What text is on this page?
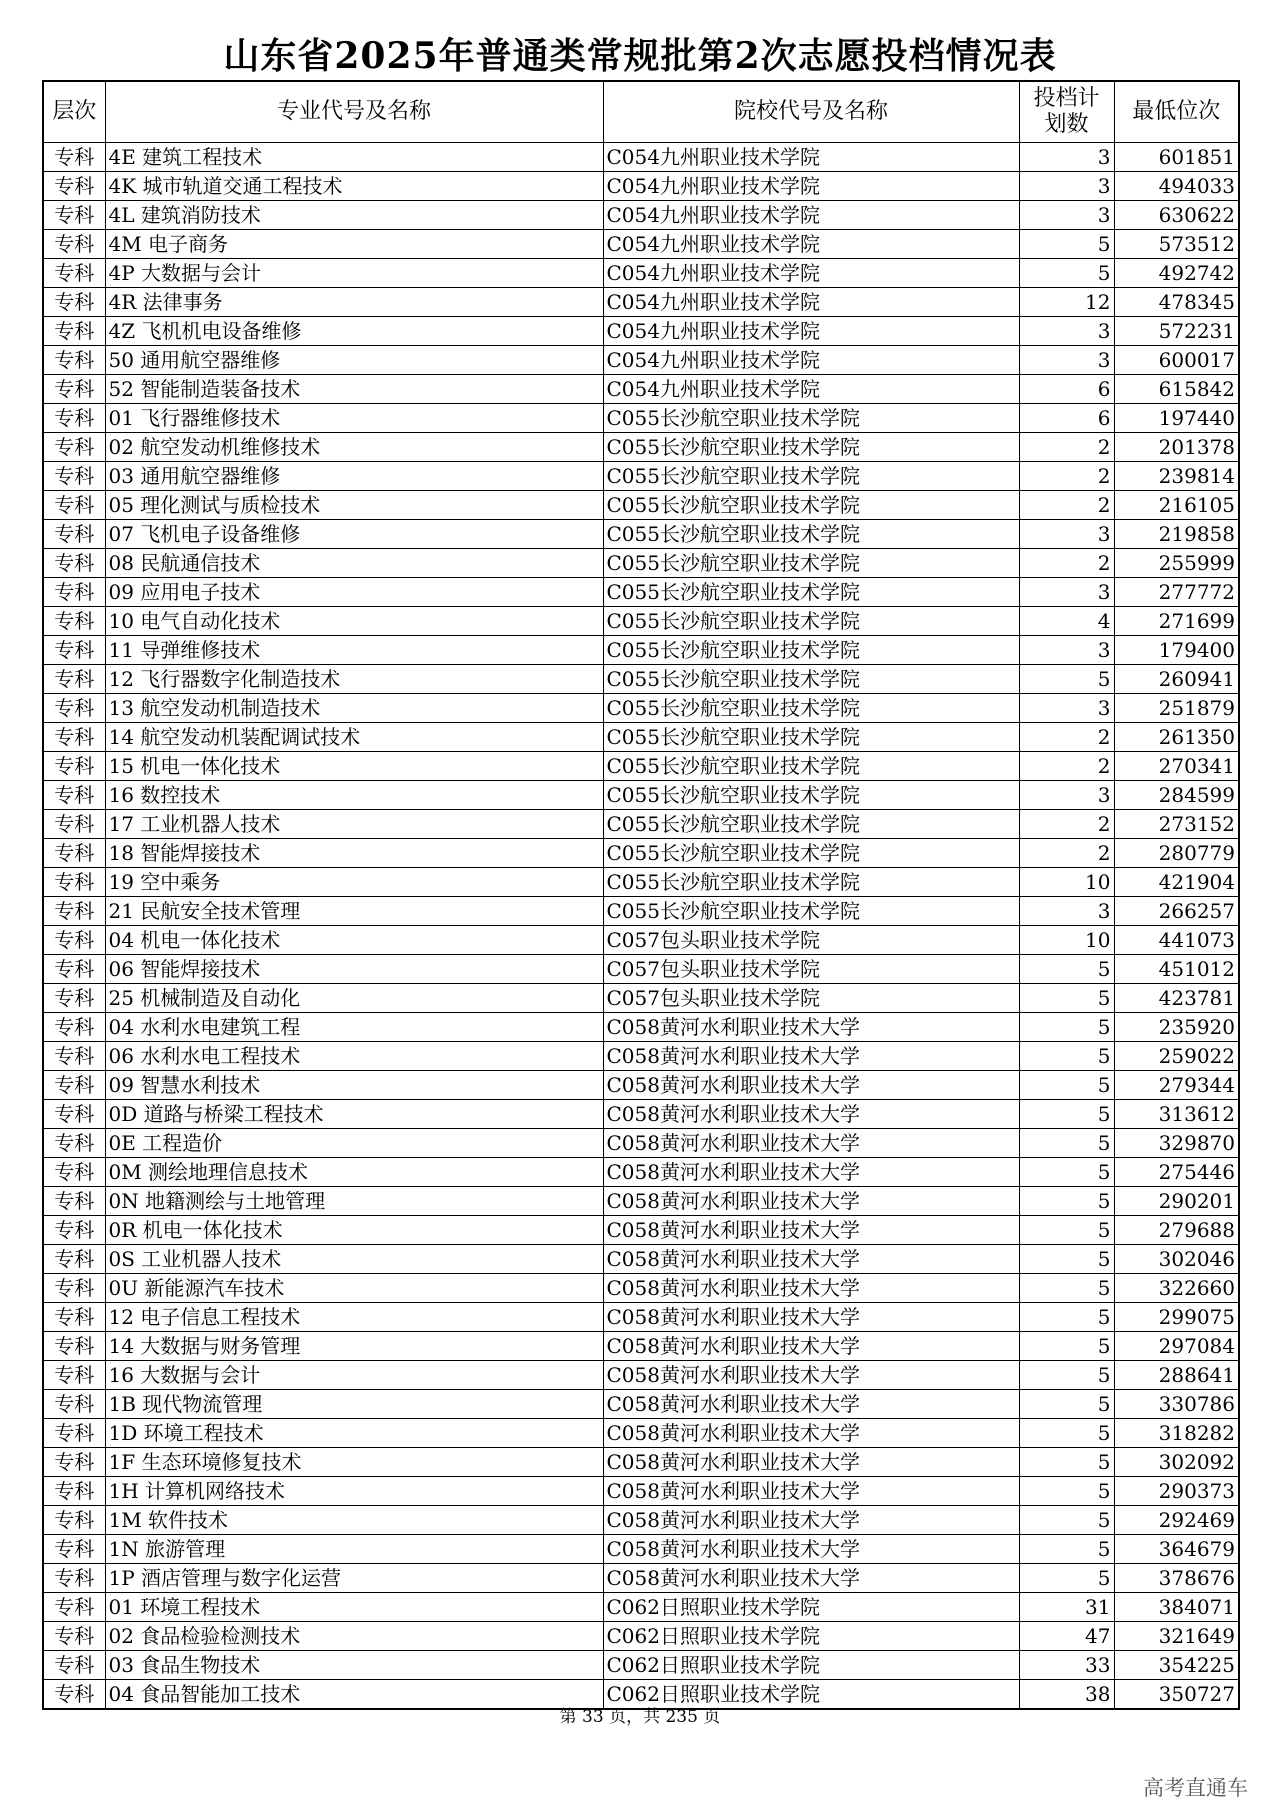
山东省2025年普通类常规批第2次志愿投档情况表
层次	专业代号及名称	院校代号及名称	投档计划数	最低位次
专科	4E 建筑工程技术	C054九州职业技术学院	3	601851
专科	4K 城市轨道交通工程技术	C054九州职业技术学院	3	494033
专科	4L 建筑消防技术	C054九州职业技术学院	3	630622
专科	4M 电子商务	C054九州职业技术学院	5	573512
专科	4P 大数据与会计	C054九州职业技术学院	5	492742
专科	4R 法律事务	C054九州职业技术学院	12	478345
专科	4Z 飞机机电设备维修	C054九州职业技术学院	3	572231
专科	50 通用航空器维修	C054九州职业技术学院	3	600017
专科	52 智能制造装备技术	C054九州职业技术学院	6	615842
专科	01 飞行器维修技术	C055长沙航空职业技术学院	6	197440
专科	02 航空发动机维修技术	C055长沙航空职业技术学院	2	201378
专科	03 通用航空器维修	C055长沙航空职业技术学院	2	239814
专科	05 理化测试与质检技术	C055长沙航空职业技术学院	2	216105
专科	07 飞机电子设备维修	C055长沙航空职业技术学院	3	219858
专科	08 民航通信技术	C055长沙航空职业技术学院	2	255999
专科	09 应用电子技术	C055长沙航空职业技术学院	3	277772
专科	10 电气自动化技术	C055长沙航空职业技术学院	4	271699
专科	11 导弹维修技术	C055长沙航空职业技术学院	3	179400
专科	12 飞行器数字化制造技术	C055长沙航空职业技术学院	5	260941
专科	13 航空发动机制造技术	C055长沙航空职业技术学院	3	251879
专科	14 航空发动机装配调试技术	C055长沙航空职业技术学院	2	261350
专科	15 机电一体化技术	C055长沙航空职业技术学院	2	270341
专科	16 数控技术	C055长沙航空职业技术学院	3	284599
专科	17 工业机器人技术	C055长沙航空职业技术学院	2	273152
专科	18 智能焊接技术	C055长沙航空职业技术学院	2	280779
专科	19 空中乘务	C055长沙航空职业技术学院	10	421904
专科	21 民航安全技术管理	C055长沙航空职业技术学院	3	266257
专科	04 机电一体化技术	C057包头职业技术学院	10	441073
专科	06 智能焊接技术	C057包头职业技术学院	5	451012
专科	25 机械制造及自动化	C057包头职业技术学院	5	423781
专科	04 水利水电建筑工程	C058黄河水利职业技术大学	5	235920
专科	06 水利水电工程技术	C058黄河水利职业技术大学	5	259022
专科	09 智慧水利技术	C058黄河水利职业技术大学	5	279344
专科	0D 道路与桥梁工程技术	C058黄河水利职业技术大学	5	313612
专科	0E 工程造价	C058黄河水利职业技术大学	5	329870
专科	0M 测绘地理信息技术	C058黄河水利职业技术大学	5	275446
专科	0N 地籍测绘与土地管理	C058黄河水利职业技术大学	5	290201
专科	0R 机电一体化技术	C058黄河水利职业技术大学	5	279688
专科	0S 工业机器人技术	C058黄河水利职业技术大学	5	302046
专科	0U 新能源汽车技术	C058黄河水利职业技术大学	5	322660
专科	12 电子信息工程技术	C058黄河水利职业技术大学	5	299075
专科	14 大数据与财务管理	C058黄河水利职业技术大学	5	297084
专科	16 大数据与会计	C058黄河水利职业技术大学	5	288641
专科	1B 现代物流管理	C058黄河水利职业技术大学	5	330786
专科	1D 环境工程技术	C058黄河水利职业技术大学	5	318282
专科	1F 生态环境修复技术	C058黄河水利职业技术大学	5	302092
专科	1H 计算机网络技术	C058黄河水利职业技术大学	5	290373
专科	1M 软件技术	C058黄河水利职业技术大学	5	292469
专科	1N 旅游管理	C058黄河水利职业技术大学	5	364679
专科	1P 酒店管理与数字化运营	C058黄河水利职业技术大学	5	378676
专科	01 环境工程技术	C062日照职业技术学院	31	384071
专科	02 食品检验检测技术	C062日照职业技术学院	47	321649
专科	03 食品生物技术	C062日照职业技术学院	33	354225
专科	04 食品智能加工技术	C062日照职业技术学院	38	350727
第 33 页，共 235 页
高考直通车
